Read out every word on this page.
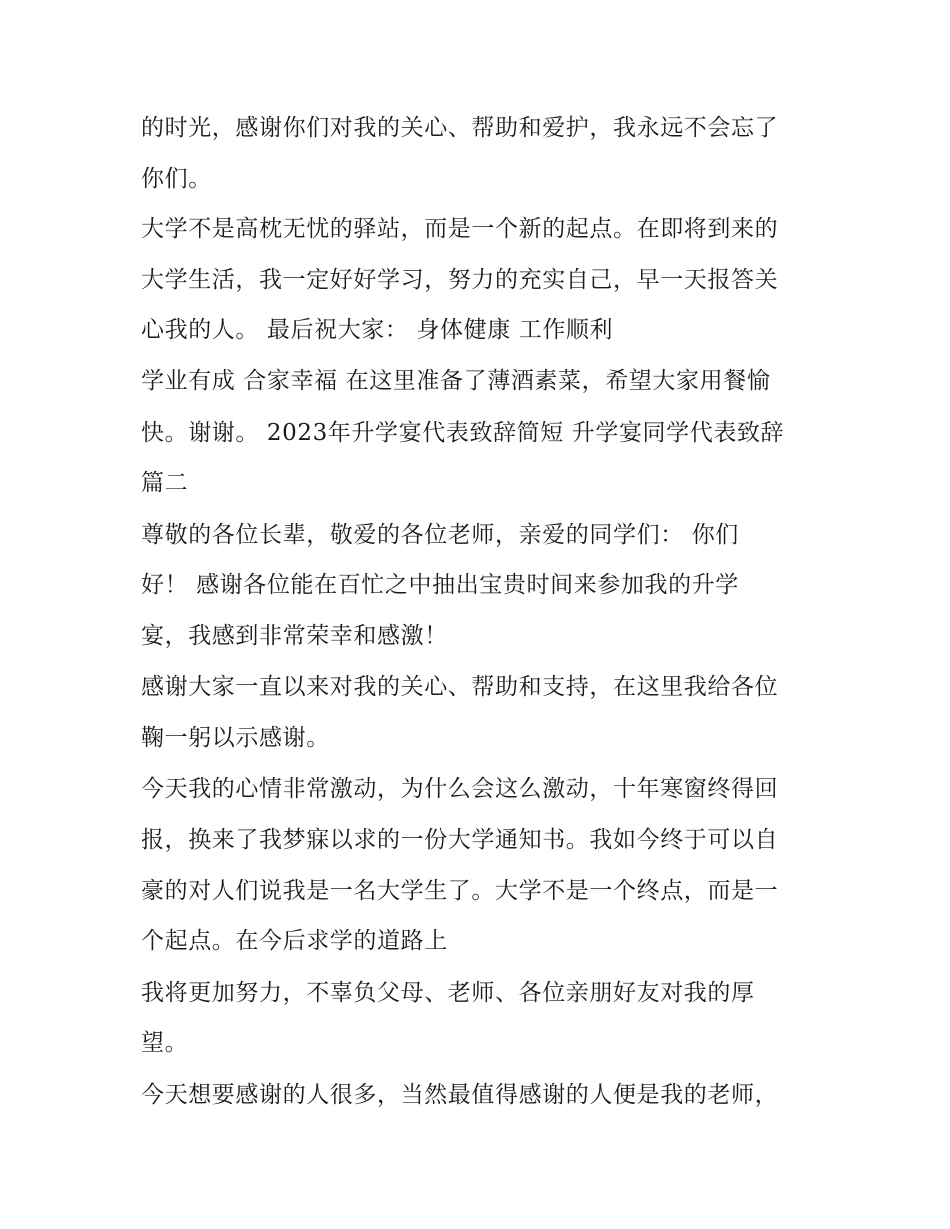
的时光，感谢你们对我的关心、帮助和爱护，我永远不会忘了
你们。
大学不是高枕无忧的驿站，而是一个新的起点。在即将到来的
大学生活，我一定好好学习，努力的充实自己，早一天报答关
心我的人。 最后祝大家： 身体健康 工作顺利
学业有成 合家幸福 在这里准备了薄酒素菜，希望大家用餐愉
快。谢谢。 2023年升学宴代表致辞简短 升学宴同学代表致辞
篇二
尊敬的各位长辈，敬爱的各位老师，亲爱的同学们： 你们
好！ 感谢各位能在百忙之中抽出宝贵时间来参加我的升学
宴，我感到非常荣幸和感激！
感谢大家一直以来对我的关心、帮助和支持，在这里我给各位
鞠一躬以示感谢。
今天我的心情非常激动，为什么会这么激动，十年寒窗终得回
报，换来了我梦寐以求的一份大学通知书。我如今终于可以自
豪的对人们说我是一名大学生了。大学不是一个终点，而是一
个起点。在今后求学的道路上
我将更加努力，不辜负父母、老师、各位亲朋好友对我的厚
望。
今天想要感谢的人很多，当然最值得感谢的人便是我的老师，
